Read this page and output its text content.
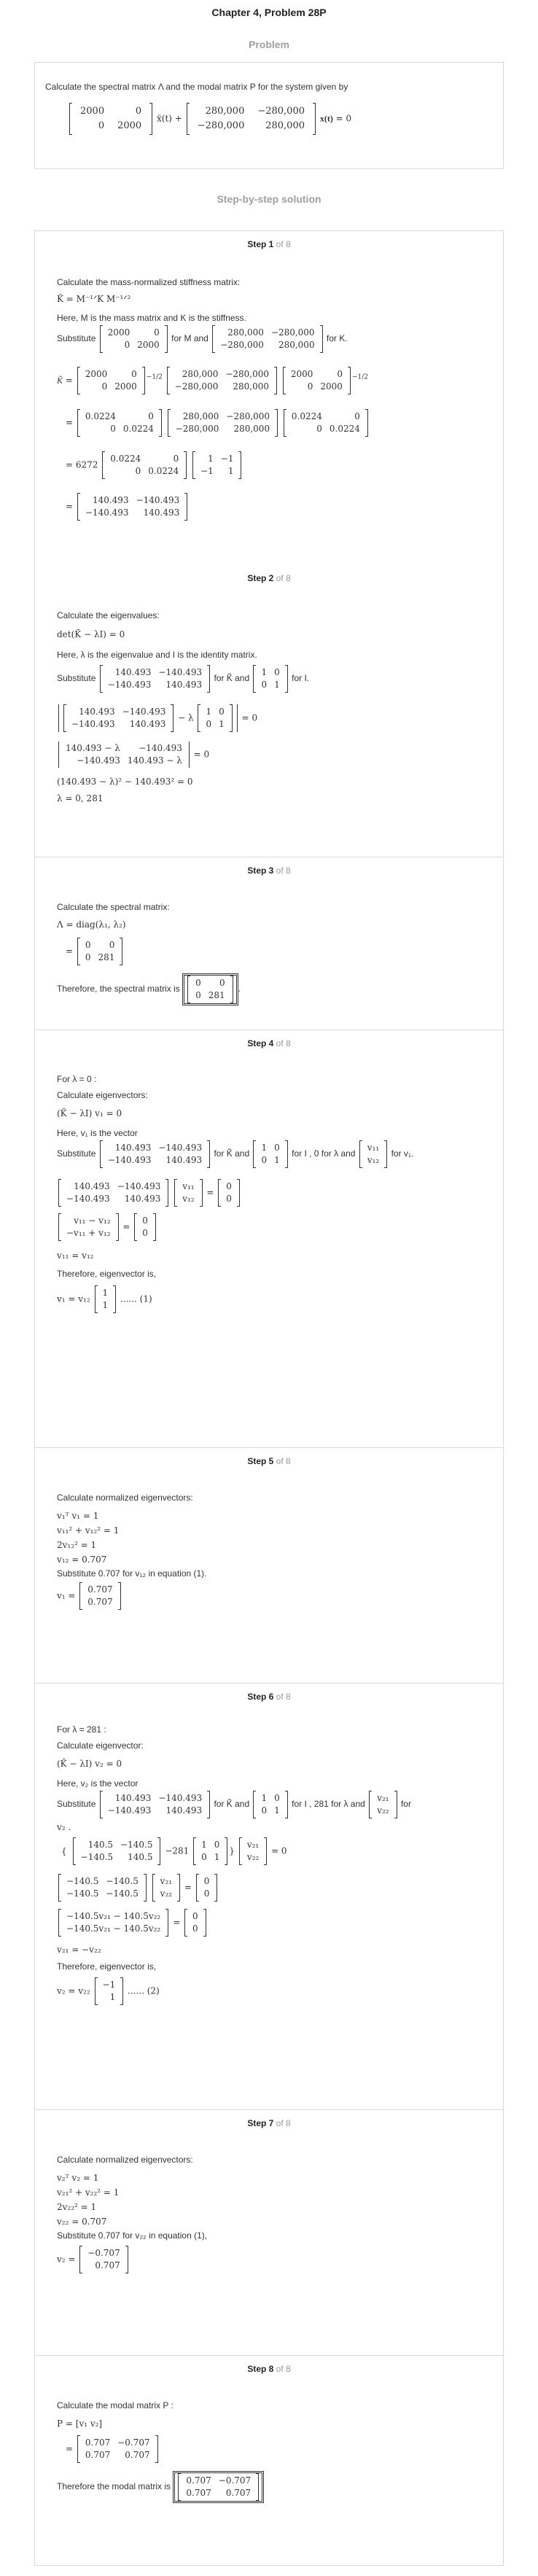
Chapter 4, Problem 28P
Problem
Calculate the spectral matrix Λ and the modal matrix P for the system given by
2000	0
0	2000
ẍ(t) +
280,000	−280,000
−280,000	280,000
x(t) = 0
Step-by-step solution
Step 1 of 8
Calculate the mass-normalized stiffness matrix:
K̃ = M⁻¹ᐟK M⁻¹ᐟ²
Here, M is the mass matrix and K is the stiffness.
Substitute
2000	0
0	2000
for M and
280,000	−280,000
−280,000	280,000
for K.
K̃ =
2000	0
0	2000
$^{-1/2}$ 280,000	−280,000
−280,000	280,000

2000	0
0	2000
$^{-1/2}$
=
0.0224	0
0	0.0224

280,000	−280,000
−280,000	280,000

0.0224	0
0	0.0224
= 6272
0.0224	0
0	0.0224

1	−1
−1	1
=
140.493	−140.493
−140.493	140.493
Step 2 of 8
Calculate the eigenvalues:
det(K̃ − λI) = 0
Here, λ is the eigenvalue and I is the identity matrix.
Substitute
140.493	−140.493
−140.493	140.493
for K̃ and
1	0
0	1
for I.
140.493	−140.493
−140.493	140.493
− λ
1	0
0	1
= 0
140.493 − λ	−140.493
−140.493	140.493 − λ
= 0
(140.493 − λ)² − 140.493² = 0
λ = 0, 281
Step 3 of 8
Calculate the spectral matrix:
Λ = diag(λ₁, λ₂)
=
0	0
0	281
Therefore, the spectral matrix is
0	0
0	281
.
Step 4 of 8
For λ = 0 :
Calculate eigenvectors:
(K̃ − λI) v₁ = 0
Here, v₁ is the vector
Substitute
140.493	−140.493
−140.493	140.493
for K̃ and
1	0
0	1
for I , 0 for λ and
v₁₁
v₁₂
for v₁.
140.493	−140.493
−140.493	140.493

v₁₁
v₁₂
=
0
0
v₁₁ − v₁₂
−v₁₁ + v₁₂
=
0
0
v₁₁ = v₁₂
Therefore, eigenvector is,
v₁ = v₁₂
1
1
...... (1)
Step 5 of 8
Calculate normalized eigenvectors:
v₁ᵀ v₁ = 1
v₁₁² + v₁₂² = 1
2v₁₂² = 1
v₁₂ = 0.707
Substitute 0.707 for v₁₂ in equation (1).
v₁ =
0.707
0.707
Step 6 of 8
For λ = 281 :
Calculate eigenvector:
(K̃ − λI) v₂ = 0
Here, v₂ is the vector
Substitute
140.493	−140.493
−140.493	140.493
for K̃ and
1	0
0	1
for I , 281 for λ and
v₂₁
v₂₂
for
v₂ .
{
140.5	−140.5
−140.5	140.5
−281
1	0
0	1
}
v₂₁
v₂₂
= 0
−140.5	−140.5
−140.5	−140.5

v₂₁
v₂₂
=
0
0
−140.5v₂₁ − 140.5v₂₂
−140.5v₂₁ − 140.5v₂₂
=
0
0
v₂₁ = −v₂₂
Therefore, eigenvector is,
v₂ = v₂₂
−1
1
...... (2)
Step 7 of 8
Calculate normalized eigenvectors:
v₂ᵀ v₂ = 1
v₂₁² + v₂₂² = 1
2v₂₂² = 1
v₂₂ = 0.707
Substitute 0.707 for v₂₂ in equation (1),
v₂ =
−0.707
0.707
Step 8 of 8
Calculate the modal matrix P :
P = [v₁ v₂]
=
0.707	−0.707
0.707	0.707
Therefore the modal matrix is
0.707	−0.707
0.707	0.707
